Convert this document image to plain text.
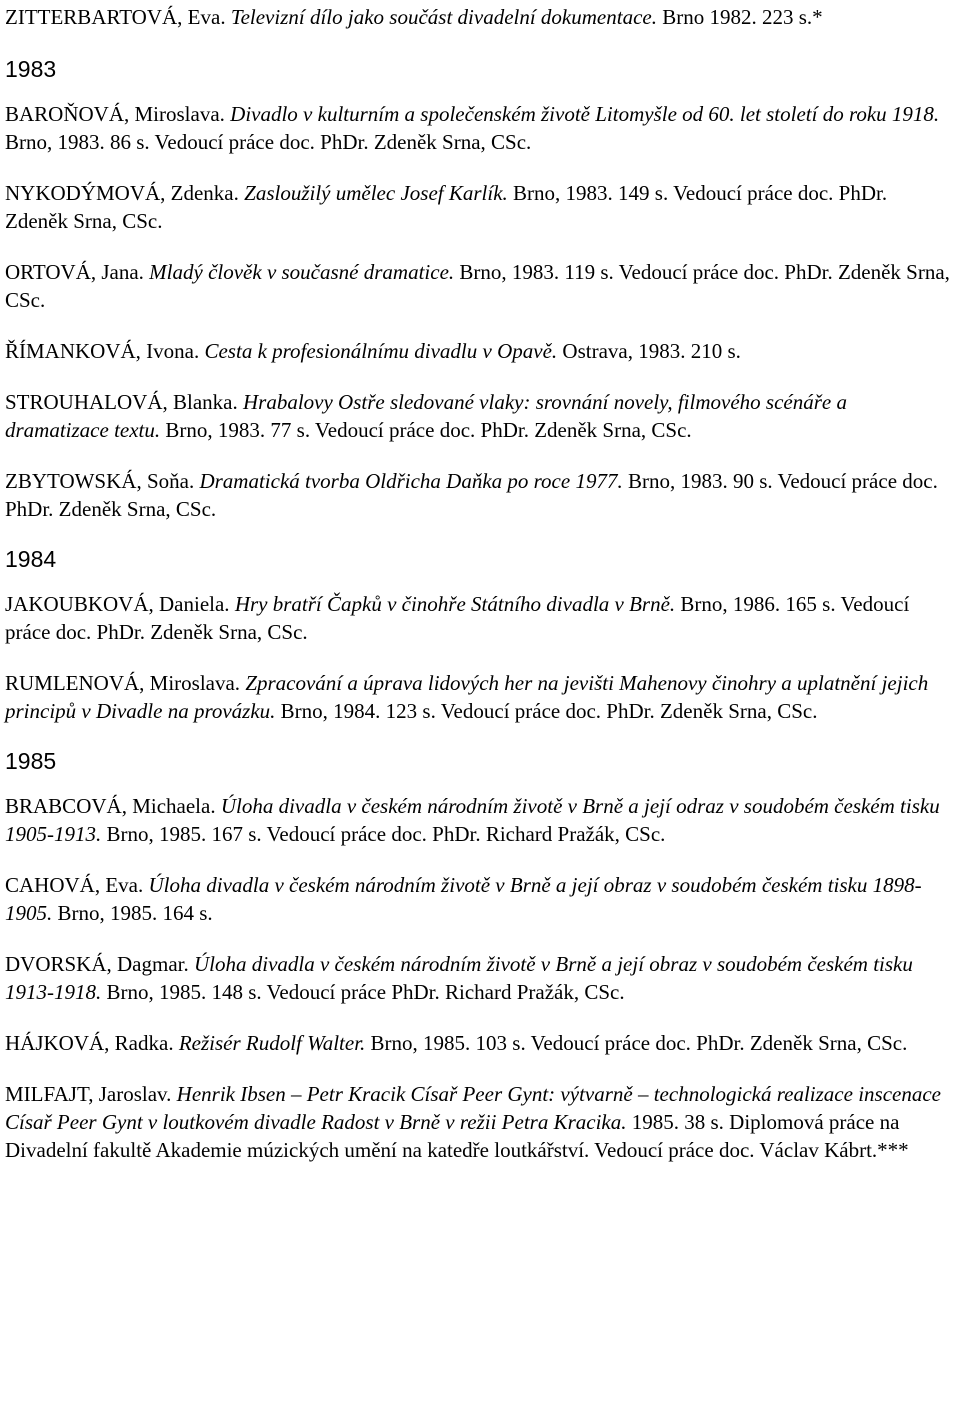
ZITTERBARTOVÁ, Eva. Televizní dílo jako součást divadelní dokumentace. Brno 1982. 223 s.*
1983
BAROŇOVÁ, Miroslava. Divadlo v kulturním a společenském životě Litomyšle od 60. let století do roku 1918. Brno, 1983. 86 s. Vedoucí práce doc. PhDr. Zdeněk Srna, CSc.
NYKODÝMOVÁ, Zdenka. Zasloužilý umělec Josef Karlík. Brno, 1983. 149 s. Vedoucí práce doc. PhDr. Zdeněk Srna, CSc.
ORTOVÁ, Jana. Mladý člověk v současné dramatice. Brno, 1983. 119 s. Vedoucí práce doc. PhDr. Zdeněk Srna, CSc.
ŘÍMANKOVÁ, Ivona. Cesta k profesionálnímu divadlu v Opavě. Ostrava, 1983. 210 s.
STROUHALOVÁ, Blanka. Hrabalovy Ostře sledované vlaky: srovnání novely, filmového scénáře a dramatizace textu. Brno, 1983. 77 s. Vedoucí práce doc. PhDr. Zdeněk Srna, CSc.
ZBYTOWSKÁ, Soňa. Dramatická tvorba Oldřicha Daňka po roce 1977. Brno, 1983. 90 s. Vedoucí práce doc. PhDr. Zdeněk Srna, CSc.
1984
JAKOUBKOVÁ, Daniela. Hry bratří Čapků v činohře Státního divadla v Brně. Brno, 1986. 165 s. Vedoucí práce doc. PhDr. Zdeněk Srna, CSc.
RUMLENOVÁ, Miroslava. Zpracování a úprava lidových her na jevišti Mahenovy činohry a uplatnění jejich principů v Divadle na provázku. Brno, 1984. 123 s. Vedoucí práce doc. PhDr. Zdeněk Srna, CSc.
1985
BRABCOVÁ, Michaela. Úloha divadla v českém národním životě v Brně a její odraz v soudobém českém tisku 1905-1913. Brno, 1985. 167 s. Vedoucí práce doc. PhDr. Richard Pražák, CSc.
CAHOVÁ, Eva. Úloha divadla v českém národním životě v Brně a její obraz v soudobém českém tisku 1898-1905. Brno, 1985. 164 s.
DVORSKÁ, Dagmar. Úloha divadla v českém národním životě v Brně a její obraz v soudobém českém tisku 1913-1918. Brno, 1985. 148 s. Vedoucí práce PhDr. Richard Pražák, CSc.
HÁJKOVÁ, Radka. Režisér Rudolf Walter. Brno, 1985. 103 s. Vedoucí práce doc. PhDr. Zdeněk Srna, CSc.
MILFAJT, Jaroslav. Henrik Ibsen – Petr Kracik Císař Peer Gynt: výtvarně – technologická realizace inscenace Císař Peer Gynt v loutkovém divadle Radost v Brně v režii Petra Kracika. 1985. 38 s. Diplomová práce na Divadelní fakultě Akademie múzických umění na katedře loutkářství. Vedoucí práce doc. Václav Kábrt.***
